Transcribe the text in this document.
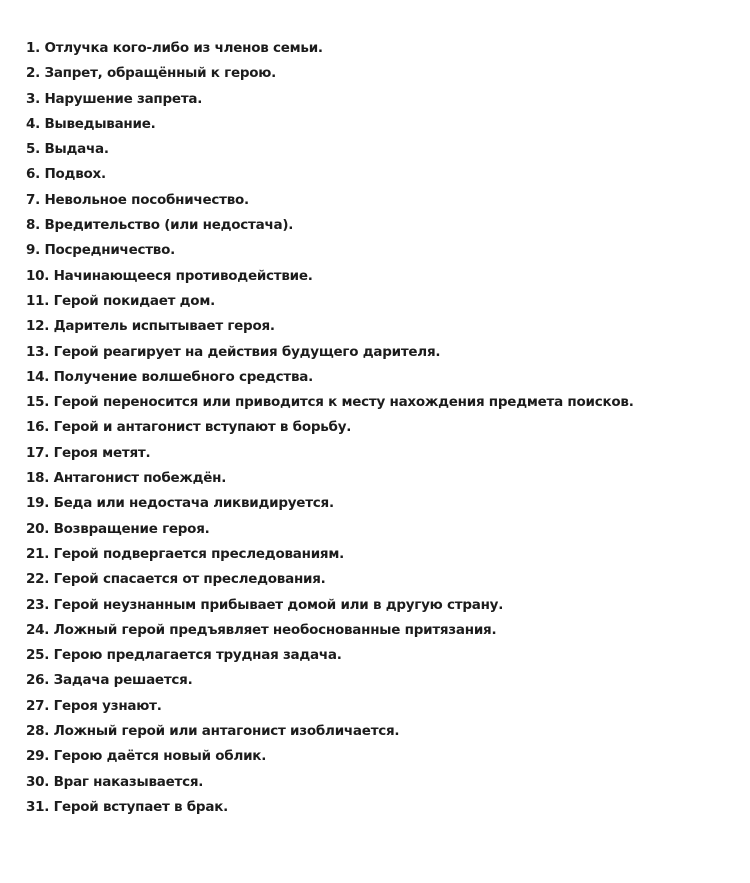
1. Отлучка кого-либо из членов семьи.
2. Запрет, обращённый к герою.
3. Нарушение запрета.
4. Выведывание.
5. Выдача.
6. Подвох.
7. Невольное пособничество.
8. Вредительство (или недостача).
9. Посредничество.
10. Начинающееся противодействие.
11. Герой покидает дом.
12. Даритель испытывает героя.
13. Герой реагирует на действия будущего дарителя.
14. Получение волшебного средства.
15. Герой переносится или приводится к месту нахождения предмета поисков.
16. Герой и антагонист вступают в борьбу.
17. Героя метят.
18. Антагонист побеждён.
19. Беда или недостача ликвидируется.
20. Возвращение героя.
21. Герой подвергается преследованиям.
22. Герой спасается от преследования.
23. Герой неузнанным прибывает домой или в другую страну.
24. Ложный герой предъявляет необоснованные притязания.
25. Герою предлагается трудная задача.
26. Задача решается.
27. Героя узнают.
28. Ложный герой или антагонист изобличается.
29. Герою даётся новый облик.
30. Враг наказывается.
31. Герой вступает в брак.
